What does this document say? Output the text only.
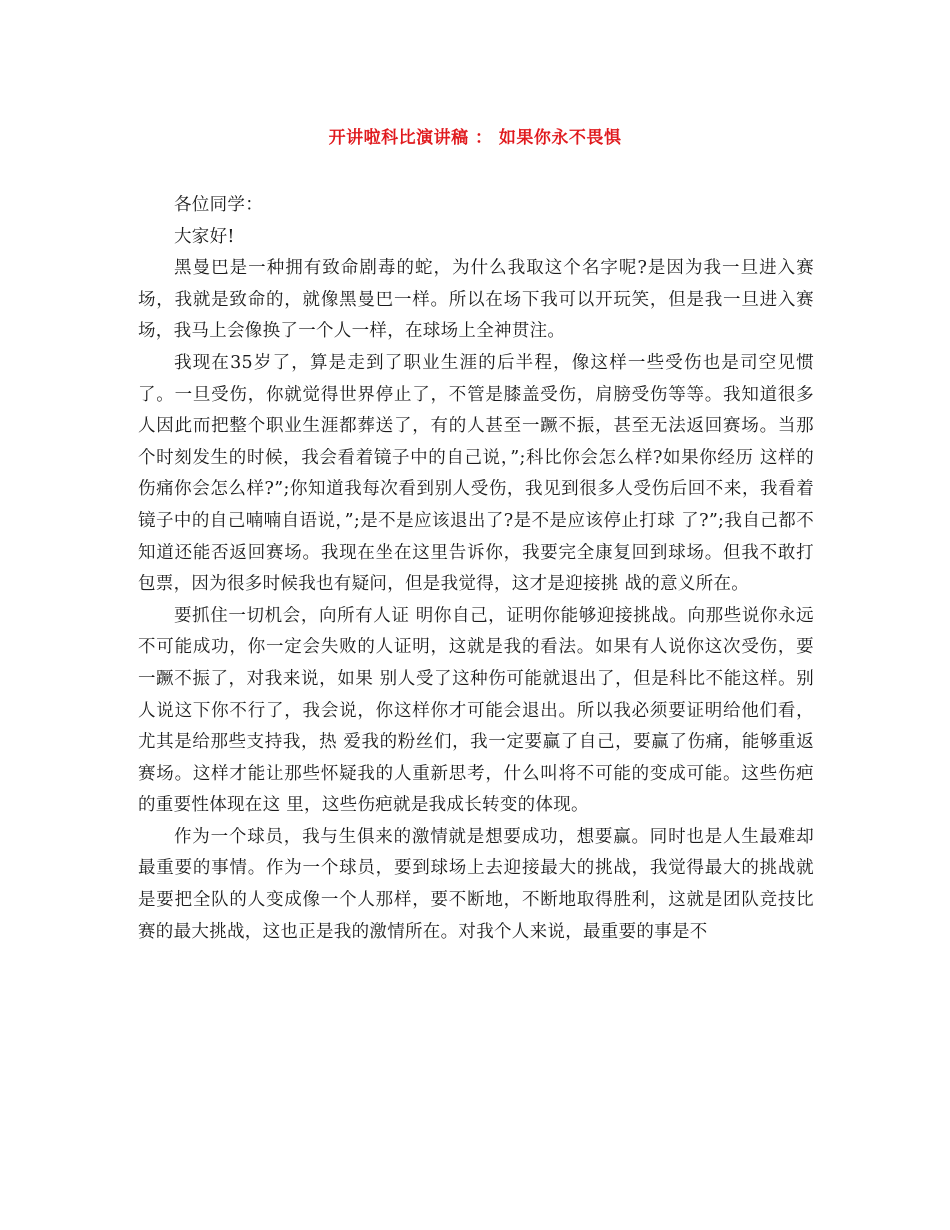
开讲啦科比演讲稿 ： 如果你永不畏惧

各位同学：

大家好!

黑曼巴是一种拥有致命剧毒的蛇，为什么我取这个名字呢?是因为我一旦进入赛场，我就是致命的，就像黑曼巴一样。所以在场下我可以开玩笑，但是我一旦进入赛场，我马上会像换了一个人一样，在球场上全神贯注。

我现在35岁了，算是走到了职业生涯的后半程，像这样一些受伤也是司空见惯了。一旦受伤，你就觉得世界停止了，不管是膝盖受伤，肩膀受伤等等。我知道很多 人因此而把整个职业生涯都葬送了，有的人甚至一蹶不振，甚至无法返回赛场。当那个时刻发生的时候，我会看着镜子中的自己说，”;科比你会怎么样?如果你经历 这样的伤痛你会怎么样?”;你知道我每次看到别人受伤，我见到很多人受伤后回不来，我看着镜子中的自己喃喃自语说，”;是不是应该退出了?是不是应该停止打球 了?”;我自己都不知道还能否返回赛场。我现在坐在这里告诉你，我要完全康复回到球场。但我不敢打包票，因为很多时候我也有疑问，但是我觉得，这才是迎接挑 战的意义所在。

要抓住一切机会，向所有人证 明你自己，证明你能够迎接挑战。向那些说你永远不可能成功，你一定会失败的人证明，这就是我的看法。如果有人说你这次受伤，要一蹶不振了，对我来说，如果 别人受了这种伤可能就退出了，但是科比不能这样。别人说这下你不行了，我会说，你这样你才可能会退出。所以我必须要证明给他们看，尤其是给那些支持我，热 爱我的粉丝们，我一定要赢了自己，要赢了伤痛，能够重返赛场。这样才能让那些怀疑我的人重新思考，什么叫将不可能的变成可能。这些伤疤的重要性体现在这 里，这些伤疤就是我成长转变的体现。

作为一个球员，我与生俱来的激情就是想要成功，想要赢。同时也是人生最难却最重要的事情。作为一个球员，要到球场上去迎接最大的挑战，我觉得最大的挑战就 是要把全队的人变成像一个人那样，要不断地，不断地取得胜利，这就是团队竞技比赛的最大挑战，这也正是我的激情所在。对我个人来说，最重要的事是不
